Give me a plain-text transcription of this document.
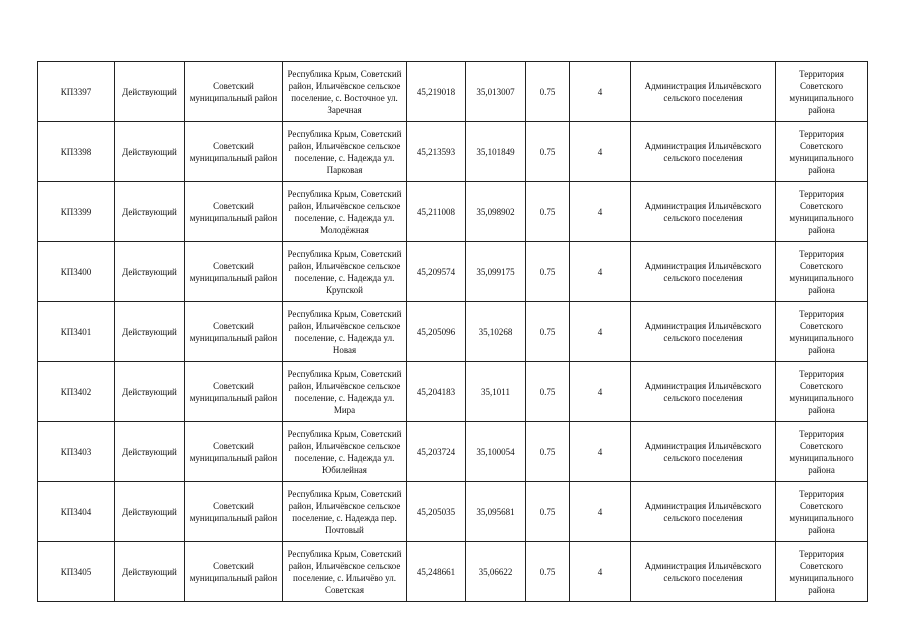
КП3397	Действующий	Советский муниципальный район	Республика Крым, Советский район, Ильичёвское сельское поселение, с. Восточное ул. Заречная	45,219018	35,013007	0.75	4	Администрация Ильичёвского сельского поселения	Территория Советского муниципального района
КП3398	Действующий	Советский муниципальный район	Республика Крым, Советский район, Ильичёвское сельское поселение, с. Надежда ул. Парковая	45,213593	35,101849	0.75	4	Администрация Ильичёвского сельского поселения	Территория Советского муниципального района
КП3399	Действующий	Советский муниципальный район	Республика Крым, Советский район, Ильичёвское сельское поселение, с. Надежда ул. Молодёжная	45,211008	35,098902	0.75	4	Администрация Ильичёвского сельского поселения	Территория Советского муниципального района
КП3400	Действующий	Советский муниципальный район	Республика Крым, Советский район, Ильичёвское сельское поселение, с. Надежда ул. Крупской	45,209574	35,099175	0.75	4	Администрация Ильичёвского сельского поселения	Территория Советского муниципального района
КП3401	Действующий	Советский муниципальный район	Республика Крым, Советский район, Ильичёвское сельское поселение, с. Надежда ул. Новая	45,205096	35,10268	0.75	4	Администрация Ильичёвского сельского поселения	Территория Советского муниципального района
КП3402	Действующий	Советский муниципальный район	Республика Крым, Советский район, Ильичёвское сельское поселение, с. Надежда ул. Мира	45,204183	35,1011	0.75	4	Администрация Ильичёвского сельского поселения	Территория Советского муниципального района
КП3403	Действующий	Советский муниципальный район	Республика Крым, Советский район, Ильичёвское сельское поселение, с. Надежда ул. Юбилейная	45,203724	35,100054	0.75	4	Администрация Ильичёвского сельского поселения	Территория Советского муниципального района
КП3404	Действующий	Советский муниципальный район	Республика Крым, Советский район, Ильичёвское сельское поселение, с. Надежда пер. Почтовый	45,205035	35,095681	0.75	4	Администрация Ильичёвского сельского поселения	Территория Советского муниципального района
КП3405	Действующий	Советский муниципальный район	Республика Крым, Советский район, Ильичёвское сельское поселение, с. Ильичёво ул. Советская	45,248661	35,06622	0.75	4	Администрация Ильичёвского сельского поселения	Территория Советского муниципального района
